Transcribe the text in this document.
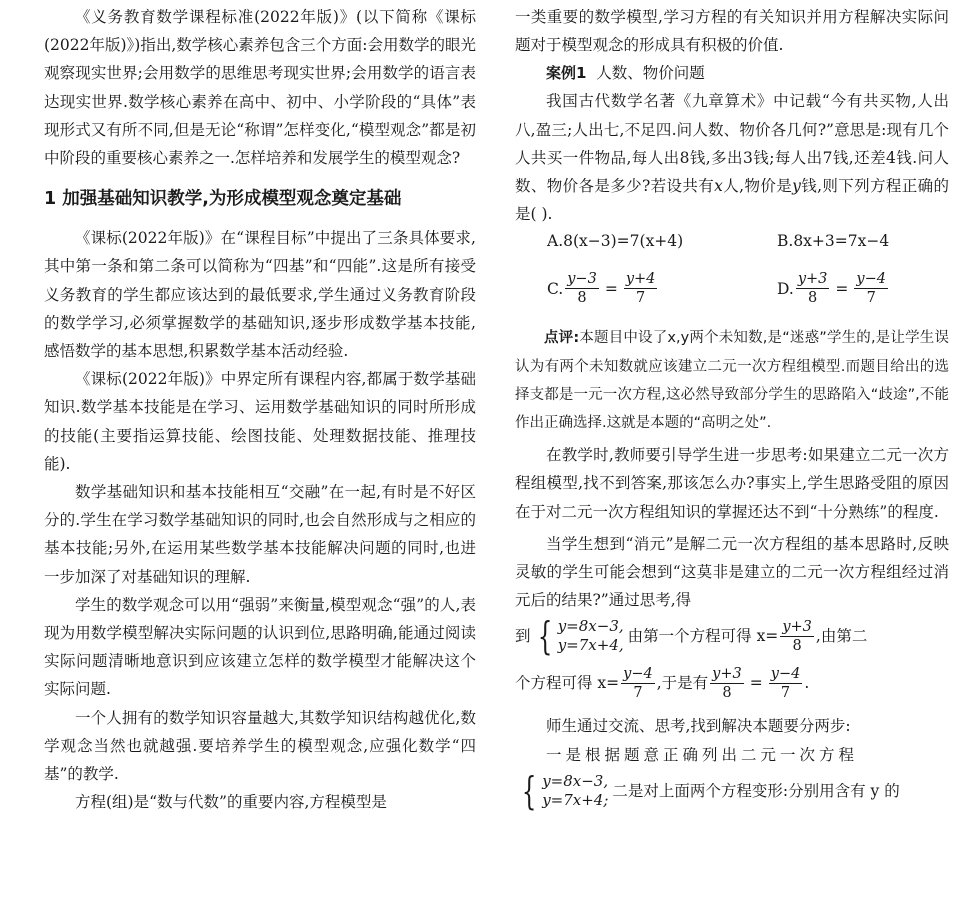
《义务教育数学课程标准(2022年版)》(以下简称《课标(2022年版)》)指出,数学核心素养包含三个方面:会用数学的眼光观察现实世界;会用数学的思维思考现实世界;会用数学的语言表达现实世界.数学核心素养在高中、初中、小学阶段的“具体”表现形式又有所不同,但是无论“称谓”怎样变化,“模型观念”都是初中阶段的重要核心素养之一.怎样培养和发展学生的模型观念?

1 加强基础知识教学,为形成模型观念奠定基础

《课标(2022年版)》在“课程目标”中提出了三条具体要求,其中第一条和第二条可以简称为“四基”和“四能”.这是所有接受义务教育的学生都应该达到的最低要求,学生通过义务教育阶段的数学学习,必须掌握数学的基础知识,逐步形成数学基本技能,感悟数学的基本思想,积累数学基本活动经验.

《课标(2022年版)》中界定所有课程内容,都属于数学基础知识.数学基本技能是在学习、运用数学基础知识的同时所形成的技能(主要指运算技能、绘图技能、处理数据技能、推理技能).

数学基础知识和基本技能相互“交融”在一起,有时是不好区分的.学生在学习数学基础知识的同时,也会自然形成与之相应的基本技能;另外,在运用某些数学基本技能解决问题的同时,也进一步加深了对基础知识的理解.

学生的数学观念可以用“强弱”来衡量,模型观念“强”的人,表现为用数学模型解决实际问题的认识到位,思路明确,能通过阅读实际问题清晰地意识到应该建立怎样的数学模型才能解决这个实际问题.

一个人拥有的数学知识容量越大,其数学知识结构越优化,数学观念当然也就越强.要培养学生的模型观念,应强化数学“四基”的教学.

方程(组)是“数与代数”的重要内容,方程模型是

一类重要的数学模型,学习方程的有关知识并用方程解决实际问题对于模型观念的形成具有积极的价值.

案例1 人数、物价问题

我国古代数学名著《九章算术》中记载“今有共买物,人出八,盈三;人出七,不足四.问人数、物价各几何?”意思是:现有几个人共买一件物品,每人出8钱,多出3钱;每人出7钱,还差4钱.问人数、物价各是多少?若设共有x人,物价是y钱,则下列方程正确的是( ).

A.8(x−3)=7(x+4)	B.8x+3=7x−4
C. $\frac{y-3}{8} = \frac{y+4}{7}$	D. $\frac{y+3}{8} = \frac{y-4}{7}$

点评:本题目中设了x,y两个未知数,是“迷惑”学生的,是让学生误认为有两个未知数就应该建立二元一次方程组模型.而题目给出的选择支都是一元一次方程,这必然导致部分学生的思路陷入“歧途”,不能作出正确选择.这就是本题的“高明之处”.

在教学时,教师要引导学生进一步思考:如果建立二元一次方程组模型,找不到答案,那该怎么办?事实上,学生思路受阻的原因在于对二元一次方程组知识的掌握还达不到“十分熟练”的程度.

当学生想到“消元”是解二元一次方程组的基本思路时,反映灵敏的学生可能会想到“这莫非是建立的二元一次方程组经过消元后的结果?”通过思考,得

到 { y=8x−3,
y=7x+4, 由第一个方程可得 $x= \frac{y+3}{8}$ ,由第二
个方程可得 $x= \frac{y-4}{7}$ ,于是有 $\frac{y+3}{8} = \frac{y-4}{7}$ .

师生通过交流、思考,找到解决本题要分两步:

一是根据题意正确列出二元一次方程

{ y=8x−3,
y=7x+4; 二是对上面两个方程变形:分别用含有 y 的
